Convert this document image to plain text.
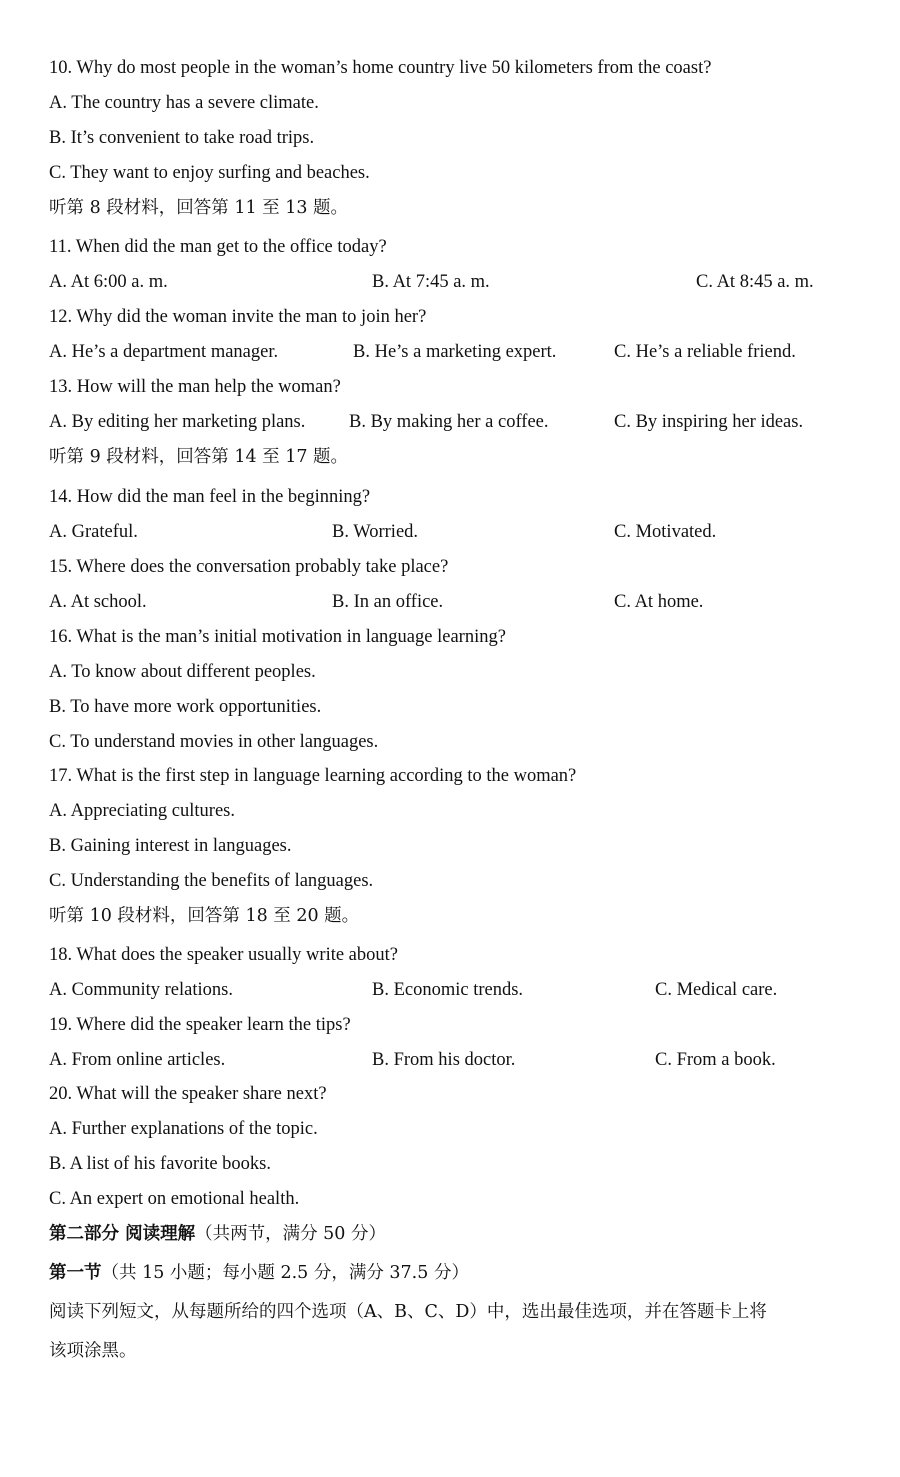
10. Why do most people in the woman’s home country live 50 kilometers from the coast?
A. The country has a severe climate.
B. It’s convenient to take road trips.
C. They want to enjoy surfing and beaches.
听第 8 段材料，回答第 11 至 13 题。
11. When did the man get to the office today?
A. At 6:00 a. m.	B. At 7:45 a. m.	C. At 8:45 a. m.
12. Why did the woman invite the man to join her?
A. He’s a department manager.	B. He’s a marketing expert.	C. He’s a reliable friend.
13. How will the man help the woman?
A. By editing her marketing plans. B. By making her a coffee.	C. By inspiring her ideas.
听第 9 段材料，回答第 14 至 17 题。
14. How did the man feel in the beginning?
A. Grateful.	B. Worried.	C. Motivated.
15. Where does the conversation probably take place?
A. At school.	B. In an office.	C. At home.
16. What is the man’s initial motivation in language learning?
A. To know about different peoples.
B. To have more work opportunities.
C. To understand movies in other languages.
17. What is the first step in language learning according to the woman?
A. Appreciating cultures.
B. Gaining interest in languages.
C. Understanding the benefits of languages.
听第 10 段材料，回答第 18 至 20 题。
18. What does the speaker usually write about?
A. Community relations.	B. Economic trends.	C. Medical care.
19. Where did the speaker learn the tips?
A. From online articles.	B. From his doctor.	C. From a book.
20. What will the speaker share next?
A. Further explanations of the topic.
B. A list of his favorite books.
C. An expert on emotional health.
第二部分 阅读理解（共两节，满分 50 分）
第一节（共 15 小题；每小题 2.5 分，满分 37.5 分）
阅读下列短文，从每题所给的四个选项（A、B、C、D）中，选出最佳选项，并在答题卡上将
该项涂黑。
